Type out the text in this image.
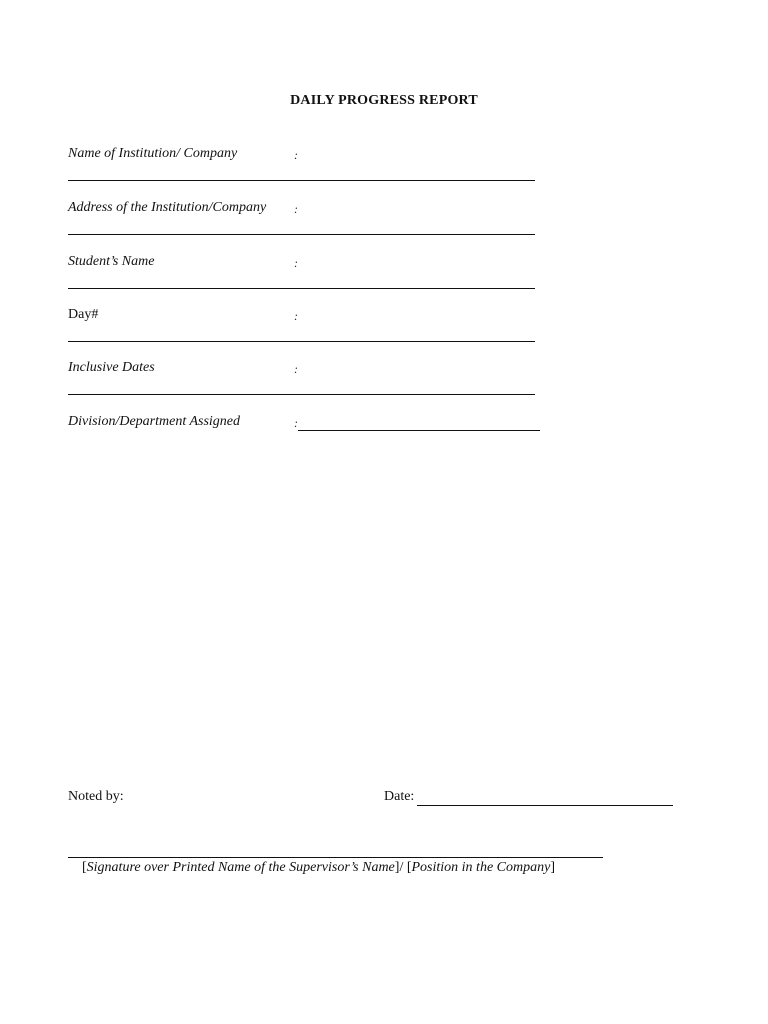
DAILY PROGRESS REPORT
Name of Institution/ Company	:
Address of the Institution/Company :
Student’s Name	:
Day#	:
Inclusive Dates	:
Division/Department Assigned	:
Noted by:	Date:
[Signature over Printed Name of the Supervisor’s Name]/ [Position in the Company]
